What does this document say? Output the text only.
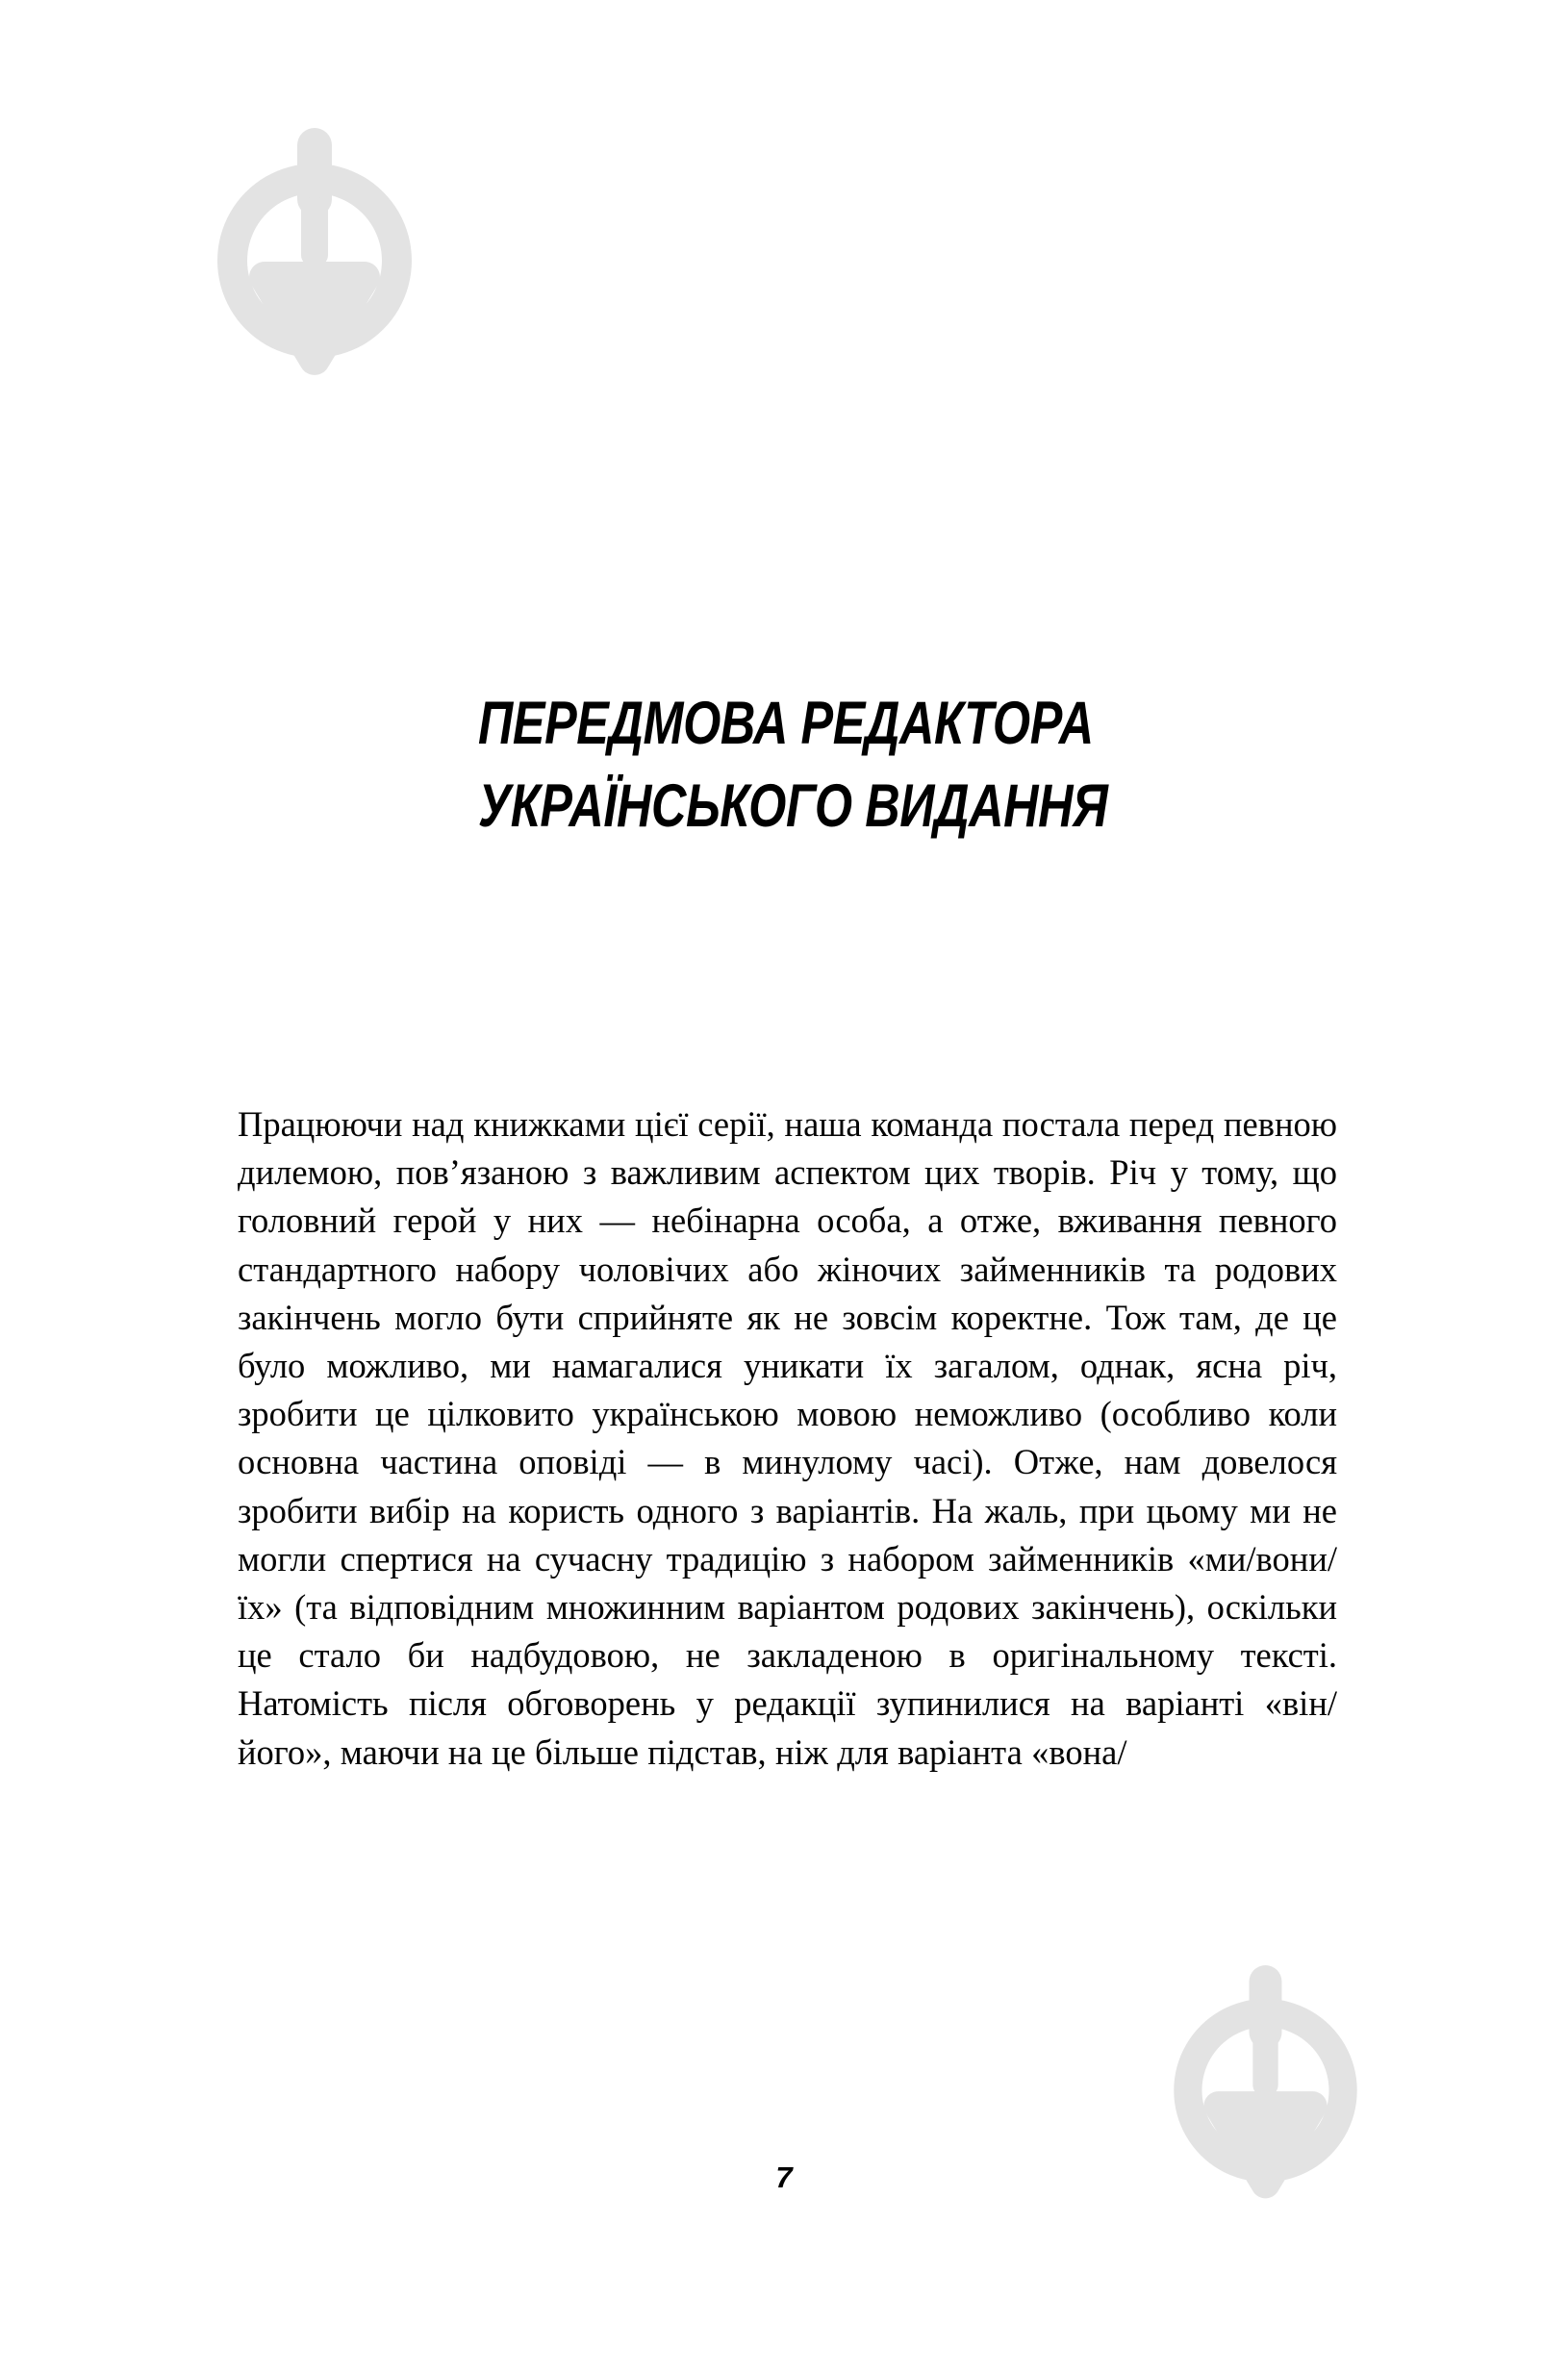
ПЕРЕДМОВА РЕДАКТОРА
УКРАЇНСЬКОГО ВИДАННЯ

Працюючи над книжками цієї серії, наша команда постала перед певною дилемою, пов’язаною з важливим аспектом цих творів. Річ у тому, що головний герой у них — небінарна особа, а отже, вживання певного стандартного набору чоловічих або жіночих займенників та родових закінчень могло бути сприйняте як не зовсім коректне. Тож там, де це було можливо, ми намагалися уникати їх загалом, однак, ясна річ, зробити це цілковито українською мовою неможливо (особливо коли основна частина оповіді — в минулому часі). Отже, нам довелося зробити вибір на користь одного з варіантів. На жаль, при цьому ми не могли спертися на сучасну традицію з набором займенників «ми/вони/їх» (та відповідним множинним варіантом родових закінчень), оскільки це стало би надбудовою, не закладеною в оригінальному тексті. Натомість після обговорень у редакції зупинилися на варіанті «він/його», маючи на це більше підстав, ніж для варіанта «вона/

7
